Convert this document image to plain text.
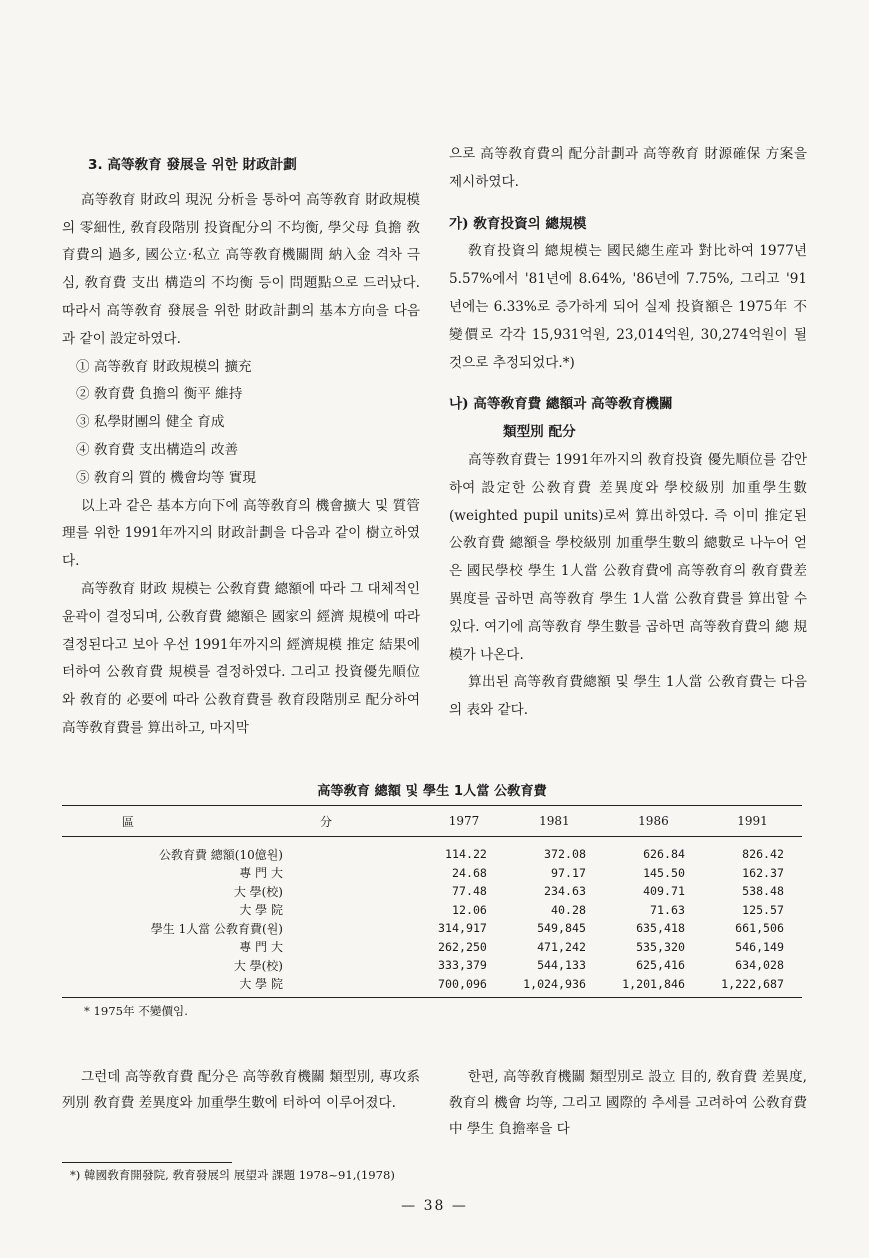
3. 高等敎育 發展을 위한 財政計劃

高等敎育 財政의 現況 分析을 통하여 高等敎育 財政規模의 零細性, 敎育段階別 投資配分의 不均衡, 學父母 負擔 敎育費의 過多, 國公立·私立 高等敎育機關間 納入金 격차 극심, 敎育費 支出 構造의 不均衡 등이 問題點으로 드러났다. 따라서 高等敎育 發展을 위한 財政計劃의 基本方向을 다음과 같이 設定하였다.

① 高等敎育 財政規模의 擴充
② 敎育費 負擔의 衡平 維持
③ 私學財團의 健全 育成
④ 敎育費 支出構造의 改善
⑤ 敎育의 質的 機會均等 實現

以上과 같은 基本方向下에 高等敎育의 機會擴大 및 質管理를 위한 1991年까지의 財政計劃을 다음과 같이 樹立하였다.

高等敎育 財政 規模는 公敎育費 總額에 따라 그 대체적인 윤곽이 결정되며, 公敎育費 總額은 國家의 經濟 規模에 따라 결정된다고 보아 우선 1991年까지의 經濟規模 推定 結果에 터하여 公敎育費 規模를 결정하였다. 그리고 投資優先順位와 敎育的 必要에 따라 公敎育費를 敎育段階別로 配分하여 高等敎育費를 算出하고, 마지막

으로 高等敎育費의 配分計劃과 高等敎育 財源確保 方案을 제시하였다.

가) 敎育投資의 總規模

敎育投資의 總規模는 國民總生産과 對比하여 1977년 5.57%에서 '81년에 8.64%, '86년에 7.75%, 그리고 '91년에는 6.33%로 증가하게 되어 실제 投資額은 1975年 不變價로 각각 15,931억원, 23,014억원, 30,274억원이 될 것으로 추정되었다.*)

나) 高等敎育費 總額과 高等敎育機關

類型別 配分

高等敎育費는 1991年까지의 敎育投資 優先順位를 감안하여 設定한 公敎育費 差異度와 學校級別 加重學生數(weighted pupil units)로써 算出하였다. 즉 이미 推定된 公敎育費 總額을 學校級別 加重學生數의 總數로 나누어 얻은 國民學校 學生 1人當 公敎育費에 高等敎育의 敎育費差異度를 곱하면 高等敎育 學生 1人當 公敎育費를 算出할 수 있다. 여기에 高等敎育 學生數를 곱하면 高等敎育費의 總 規模가 나온다.

算出된 高等敎育費總額 및 學生 1人當 公敎育費는 다음의 表와 같다.

高等敎育 總額 및 學生 1人當 公敎育費

區 分	1977	1981	1986	1991
公敎育費 總額(10億원)	114.22	372.08	626.84	826.42
專 門 大	24.68	97.17	145.50	162.37
大 學(校)	77.48	234.63	409.71	538.48
大 學 院	12.06	40.28	71.63	125.57
學生 1人當 公敎育費(원)	314,917	549,845	635,418	661,506
專 門 大	262,250	471,242	535,320	546,149
大 學(校)	333,379	544,133	625,416	634,028
大 學 院	700,096	1,024,936	1,201,846	1,222,687

* 1975年 不變價임.

그런데 高等敎育費 配分은 高等敎育機關 類型別, 專攻系列別 敎育費 差異度와 加重學生數에 터하여 이루어졌다.

한편, 高等敎育機關 類型別로 設立 目的, 敎育費 差異度, 敎育의 機會 均等, 그리고 國際的 추세를 고려하여 公敎育費中 學生 負擔率을 다

*) 韓國敎育開發院, 敎育發展의 展望과 課題 1978~91,(1978)
— 38 —
